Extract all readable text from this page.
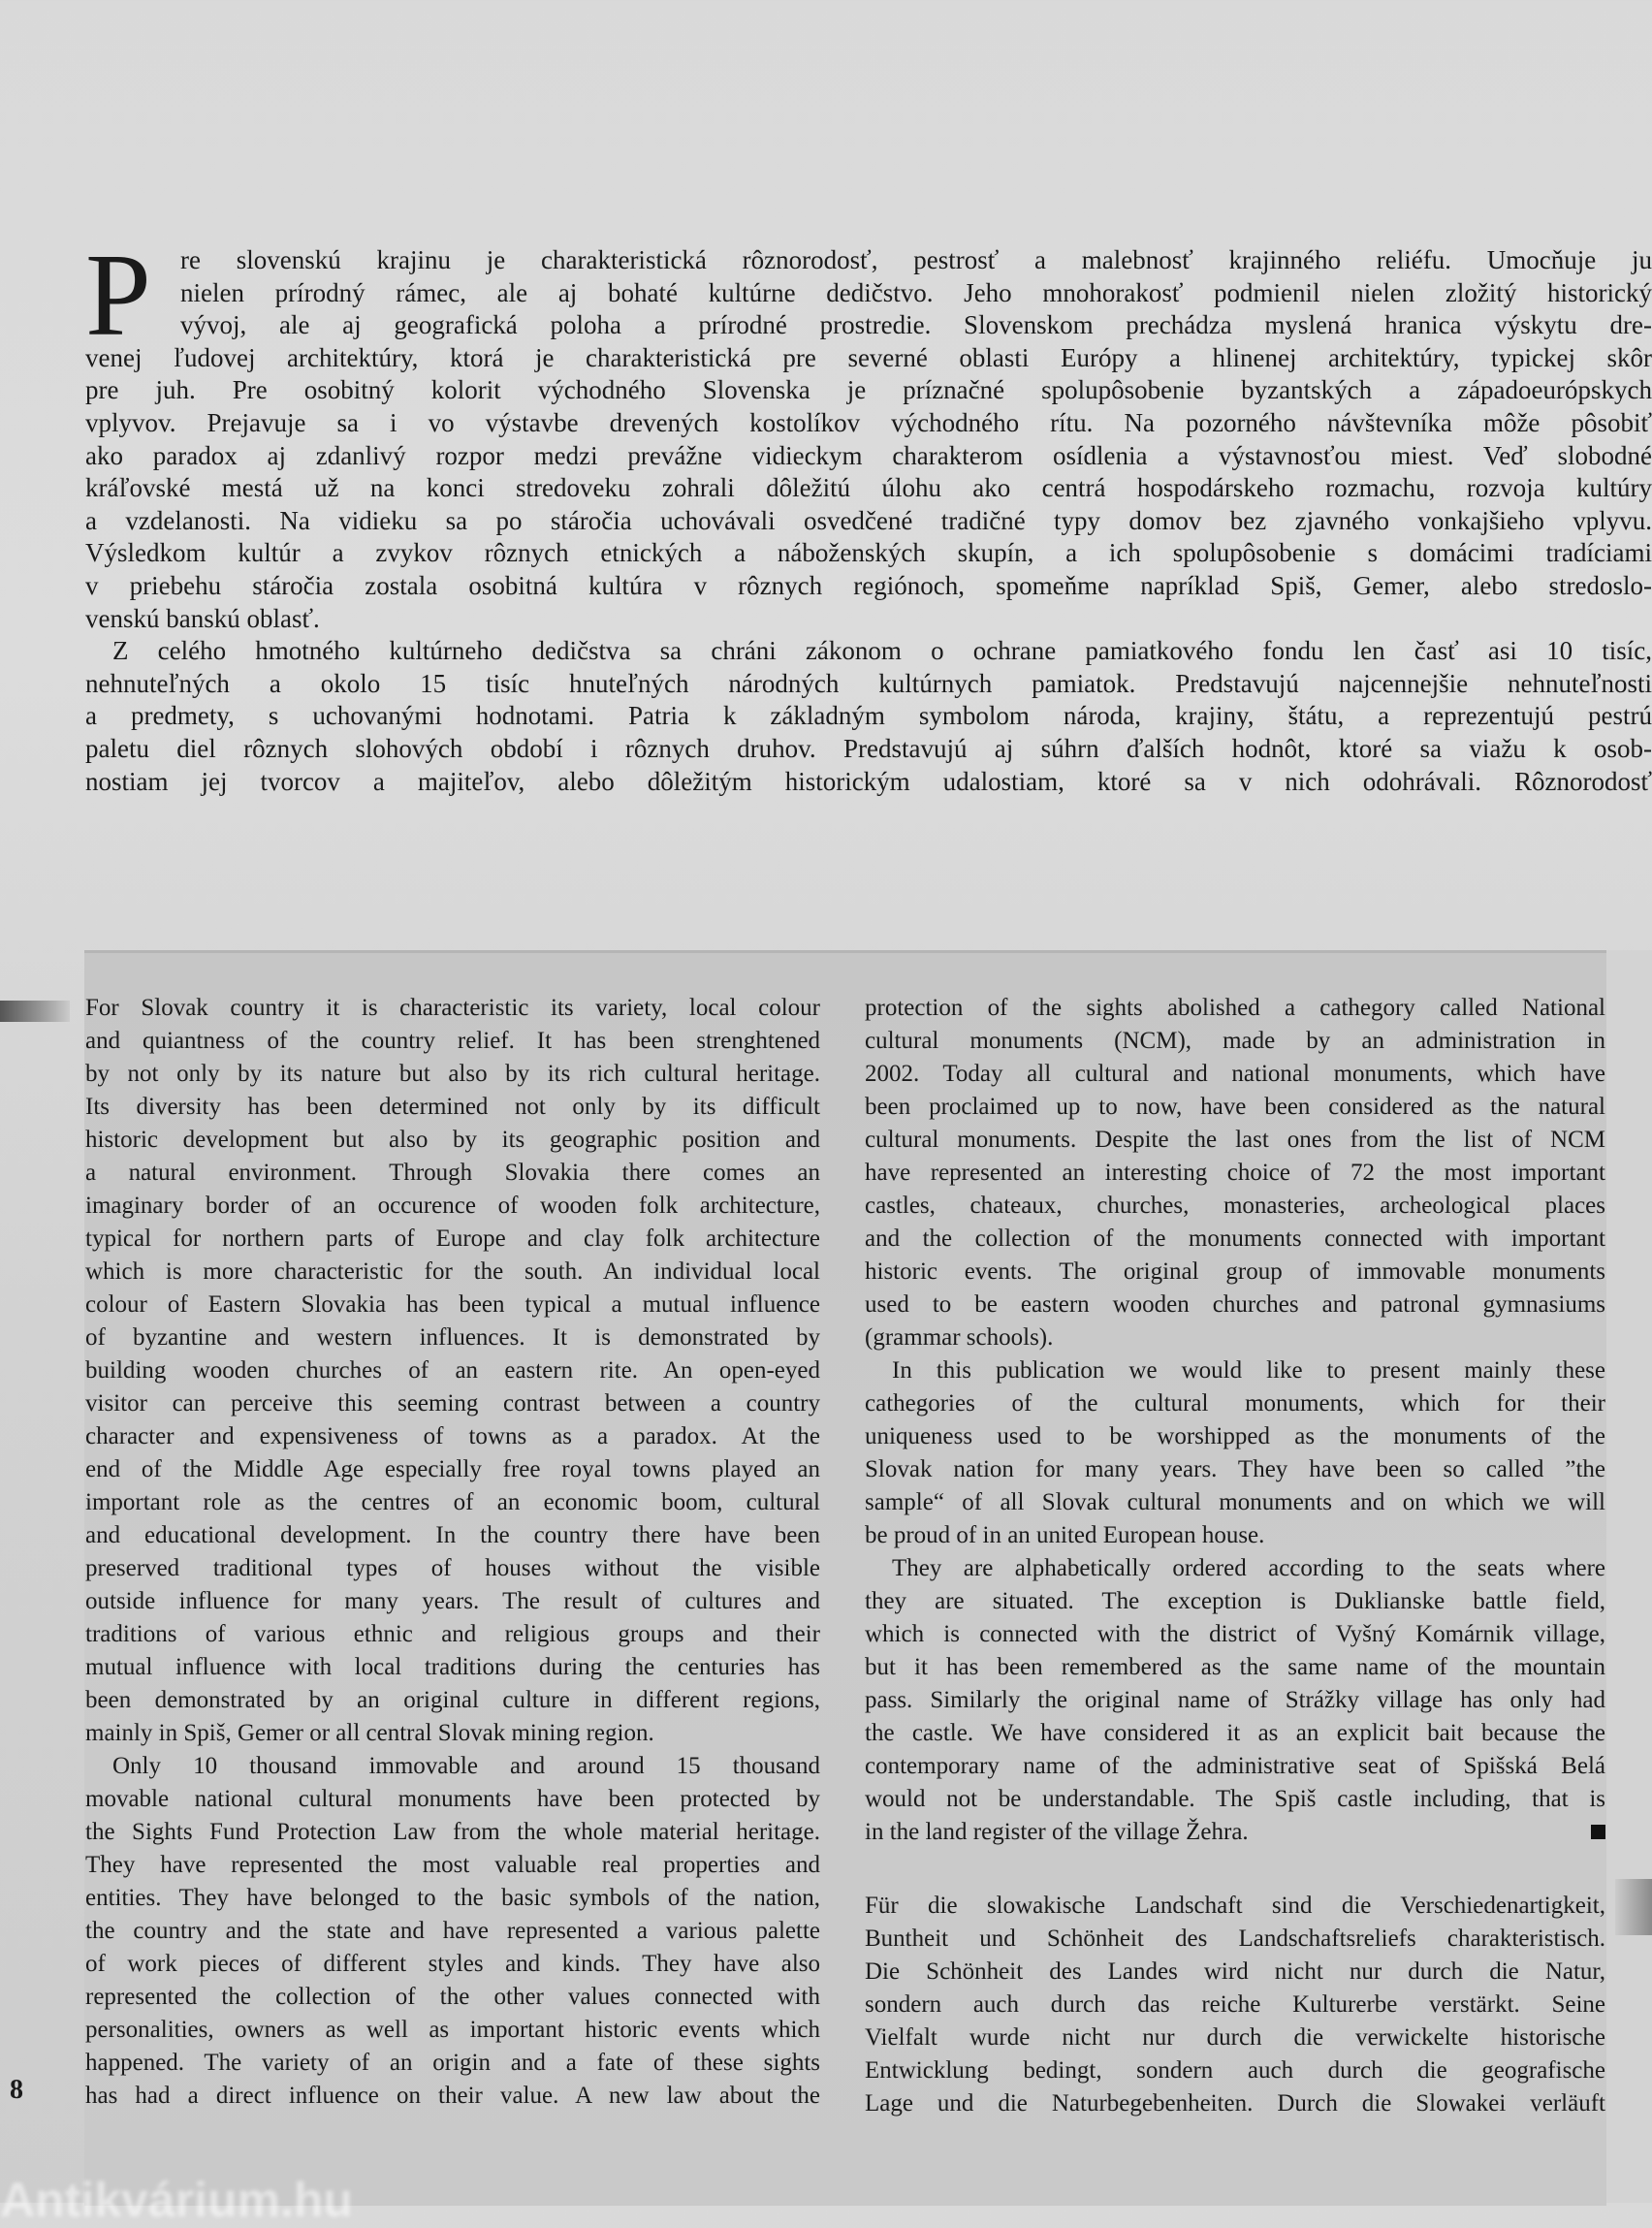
P	re slovenskú krajinu je charakteristická rôznorodosť, pestrosť a malebnosť krajinného reliéfu. Umocňuje ju
nielen prírodný rámec, ale aj bohaté kultúrne dedičstvo. Jeho mnohorakosť podmienil nielen zložitý historický
vývoj, ale aj geografická poloha a prírodné prostredie. Slovenskom prechádza myslená hranica výskytu dre-
venej ľudovej architektúry, ktorá je charakteristická pre severné oblasti Európy a hlinenej architektúry, typickej skôr
pre juh. Pre osobitný kolorit východného Slovenska je príznačné spolupôsobenie byzantských a západoeurópskych
vplyvov. Prejavuje sa i vo výstavbe drevených kostolíkov východného rítu. Na pozorného návštevníka môže pôsobiť
ako paradox aj zdanlivý rozpor medzi prevážne vidieckym charakterom osídlenia a výstavnosťou miest. Veď slobodné
kráľovské mestá už na konci stredoveku zohrali dôležitú úlohu ako centrá hospodárskeho rozmachu, rozvoja kultúry
a vzdelanosti. Na vidieku sa po stáročia uchovávali osvedčené tradičné typy domov bez zjavného vonkajšieho vplyvu.
Výsledkom kultúr a zvykov rôznych etnických a náboženských skupín, a ich spolupôsobenie s domácimi tradíciami
v priebehu stáročia zostala osobitná kultúra v rôznych regiónoch, spomeňme napríklad Spiš, Gemer, alebo stredoslo-
venskú banskú oblasť.
Z celého hmotného kultúrneho dedičstva sa chráni zákonom o ochrane pamiatkového fondu len časť asi 10 tisíc,
nehnuteľných a okolo 15 tisíc hnuteľných národných kultúrnych pamiatok. Predstavujú najcennejšie nehnuteľnosti
a predmety, s uchovanými hodnotami. Patria k základným symbolom národa, krajiny, štátu, a reprezentujú pestrú
paletu diel rôznych slohových období i rôznych druhov. Predstavujú aj súhrn ďalších hodnôt, ktoré sa viažu k osob-
nostiam jej tvorcov a majiteľov, alebo dôležitým historickým udalostiam, ktoré sa v nich odohrávali. Rôznorodosť
For Slovak country it is characteristic its variety, local colour
and quiantness of the country relief. It has been strenghtened
by not only by its nature but also by its rich cultural heritage.
Its diversity has been determined not only by its difficult
historic development but also by its geographic position and
a natural environment. Through Slovakia there comes an
imaginary border of an occurence of wooden folk architecture,
typical for northern parts of Europe and clay folk architecture
which is more characteristic for the south. An individual local
colour of Eastern Slovakia has been typical a mutual influence
of byzantine and western influences. It is demonstrated by
building wooden churches of an eastern rite. An open-eyed
visitor can perceive this seeming contrast between a country
character and expensiveness of towns as a paradox. At the
end of the Middle Age especially free royal towns played an
important role as the centres of an economic boom, cultural
and educational development. In the country there have been
preserved traditional types of houses without the visible
outside influence for many years. The result of cultures and
traditions of various ethnic and religious groups and their
mutual influence with local traditions during the centuries has
been demonstrated by an original culture in different regions,
mainly in Spiš, Gemer or all central Slovak mining region.
Only 10 thousand immovable and around 15 thousand
movable national cultural monuments have been protected by
the Sights Fund Protection Law from the whole material heritage.
They have represented the most valuable real properties and
entities. They have belonged to the basic symbols of the nation,
the country and the state and have represented a various palette
of work pieces of different styles and kinds. They have also
represented the collection of the other values connected with
personalities, owners as well as important historic events which
happened. The variety of an origin and a fate of these sights
has had a direct influence on their value. A new law about the
protection of the sights abolished a cathegory called National
cultural monuments (NCM), made by an administration in
2002. Today all cultural and national monuments, which have
been proclaimed up to now, have been considered as the natural
cultural monuments. Despite the last ones from the list of NCM
have represented an interesting choice of 72 the most important
castles, chateaux, churches, monasteries, archeological places
and the collection of the monuments connected with important
historic events. The original group of immovable monuments
used to be eastern wooden churches and patronal gymnasiums
(grammar schools).
In this publication we would like to present mainly these
cathegories of the cultural monuments, which for their
uniqueness used to be worshipped as the monuments of the
Slovak nation for many years. They have been so called ”the
sample“ of all Slovak cultural monuments and on which we will
be proud of in an united European house.
They are alphabetically ordered according to the seats where
they are situated. The exception is Duklianske battle field,
which is connected with the district of Vyšný Komárnik village,
but it has been remembered as the same name of the mountain
pass. Similarly the original name of Strážky village has only had
the castle. We have considered it as an explicit bait because the
contemporary name of the administrative seat of Spišská Belá
would not be understandable. The Spiš castle including, that is
in the land register of the village Žehra.
Für die slowakische Landschaft sind die Verschiedenartigkeit,
Buntheit und Schönheit des Landschaftsreliefs charakteristisch.
Die Schönheit des Landes wird nicht nur durch die Natur,
sondern auch durch das reiche Kulturerbe verstärkt. Seine
Vielfalt wurde nicht nur durch die verwickelte historische
Entwicklung bedingt, sondern auch durch die geografische
Lage und die Naturbegebenheiten. Durch die Slowakei verläuft
8
Antikvárium.hu
